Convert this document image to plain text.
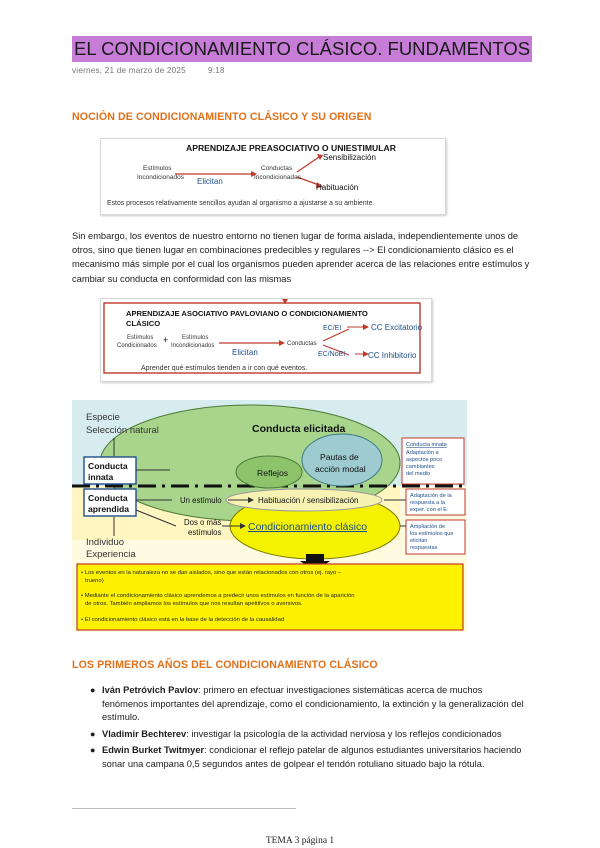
EL CONDICIONAMIENTO CLÁSICO. FUNDAMENTOS
viernes, 21 de marzo de 2025	9:18
NOCIÓN DE CONDICIONAMIENTO CLÁSICO Y SU ORIGEN
APRENDIZAJE PREASOCIATIVO O UNIESTIMULAR
Estímulos
Incondicionados Elicitan
Conductas
Incondicionadas
Sensibilización
Habituación
Estos procesos relativamente sencillos ayudan al organismo a ajustarse a su ambiente.
Sin embargo, los eventos de nuestro entorno no tienen lugar de forma aislada, independientemente unos de otros, sino que tienen lugar en combinaciones predecibles y regulares --> El condicionamiento clásico es el mecanismo más simple por el cual los organismos pueden aprender acerca de las relaciones entre estímulos y cambiar su conducta en conformidad con las mismas
APRENDIZAJE ASOCIATIVO PAVLOVIANO O CONDICIONAMIENTO
CLÁSICO
Estímulos
Condicionados
+ Estímulos
Incondicionados
Elicitan
Conductas
EC/EI	CC Excitatorio
EC/NoEI	CC Inhibitorio
Aprender qué estímulos tienden a ir con qué eventos.
Especie
Selección natural
Conducta
innata
Conducta
aprendida
Individuo
Experiencia
Conducta elicitada
Reflejos
Pautas de
acción modal
Un estímulo
Dos o más
estímulos
Habituación / sensibilización
Condicionamiento clásico
Conducta innata
Adaptación a
aspectos poco
cambiantes
del medio
Adaptación de la
respuesta a la
exper. con el E
Ampliación de
los estímulos que
elicitan
respuestas
• Los eventos en la naturaleza no se dan aislados, sino que están relacionados con otros (ej. rayo –
trueno)
• Mediante el condicionamiento clásico aprendemos a predecir unos estímulos en función de la aparición
de otros. También ampliamos los estímulos que nos resultan apetitivos o aversivos.
• El condicionamiento clásico está en la base de la detección de la causalidad
LOS PRIMEROS AÑOS DEL CONDICIONAMIENTO CLÁSICO
● Iván Petróvich Pavlov: primero en efectuar investigaciones sistemáticas acerca de muchos fenómenos importantes del aprendizaje, como el condicionamiento, la extinción y la generalización del estímulo.
● Vladimir Bechterev: investigar la psicología de la actividad nerviosa y los reflejos condicionados
● Edwin Burket Twitmyer: condicionar el reflejo patelar de algunos estudiantes universitarios haciendo sonar una campana 0,5 segundos antes de golpear el tendón rotuliano situado bajo la rótula.
TEMA 3 página 1
